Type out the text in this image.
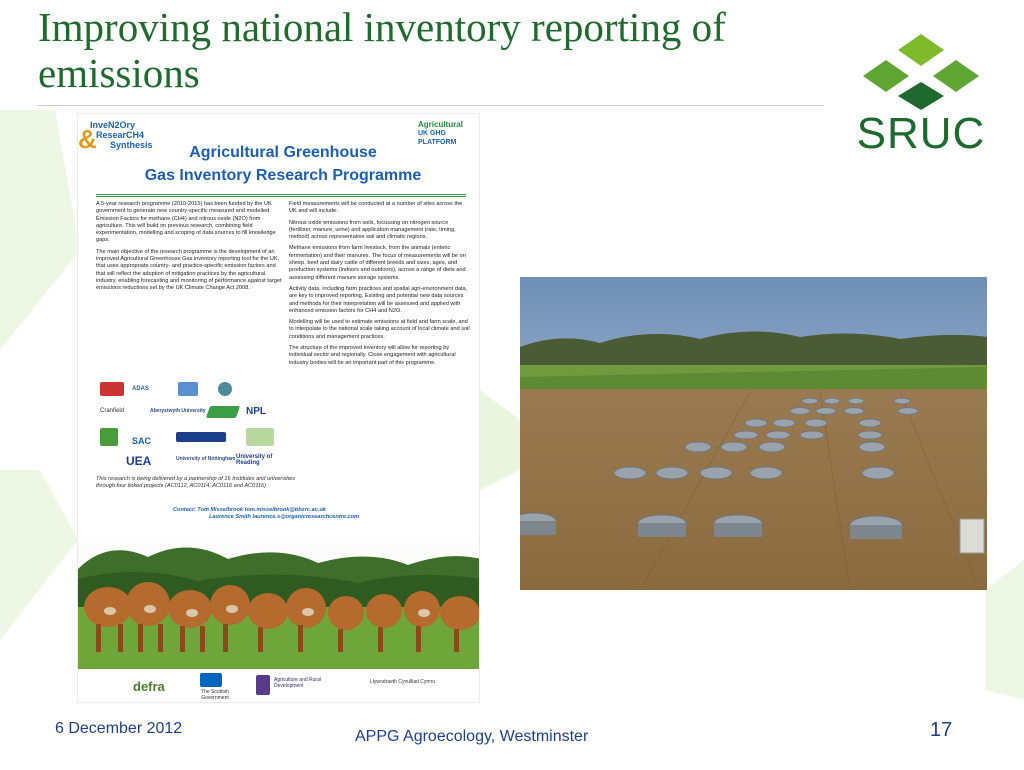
Improving national inventory reporting of emissions
SRUC
&
InveN2Ory
ResearCH4
Synthesis
Agricultural
UK GHG PLATFORM
Agricultural Greenhouse
Gas Inventory Research Programme

A 5-year research programme (2010-2015) has been funded by the UK government to generate new country-specific measured and modelled Emission Factors for methane (CH4) and nitrous oxide (N2O) from agriculture. This will build on previous research, combining field experimentation, modelling and scoping of data sources to fill knowledge gaps.

The main objective of the research programme is the development of an improved Agricultural Greenhouse Gas inventory reporting tool for the UK, that uses appropriate country- and practice-specific emission factors and that will reflect the adoption of mitigation practices by the agricultural industry, enabling forecasting and monitoring of performance against target emissions reductions set by the UK Climate Change Act 2008.

Field measurements will be conducted at a number of sites across the UK and will include:

Nitrous oxide emissions from soils, focussing on nitrogen source (fertiliser, manure, urine) and application management (rate, timing, method) across representative soil and climatic regions.

Methane emissions from farm livestock, from the animals (enteric fermentation) and their manures. The focus of measurements will be on sheep, beef and dairy cattle of different breeds and sizes, ages, and production systems (indoors and outdoors), across a range of diets and assessing different manure storage systems.

Activity data, including farm practices and spatial agri-environment data, are key to improved reporting. Existing and potential new data sources and methods for their interpretation will be assessed and applied with enhanced emission factors for CH4 and N2O.

Modelling will be used to estimate emissions at field and farm scale, and to interpolate to the national scale taking account of local climate and soil conditions and management practices.

The structure of the improved inventory will allow for reporting by individual sector and regionally. Close engagement with agricultural industry bodies will be an important part of this programme.

ADAS
Cranfield	Aberystwyth University	NPL
SAC
UEA	University of Nottingham University of Reading
This research is being delivered by a partnership of 16 Institutes and universities through four linked projects (AC0112, AC0114, AC0116 and AC0116)
Contact: Tom Misselbrook tom.misselbrook@bbsrc.ac.uk
Laurence Smith laurence.s@organicresearchcentre.com
defra	The Scottish Government
Agriculture and Rural Development
Llywodraeth Cynulliad Cymru
6 December 2012	APPG Agroecology, Westminster	17
